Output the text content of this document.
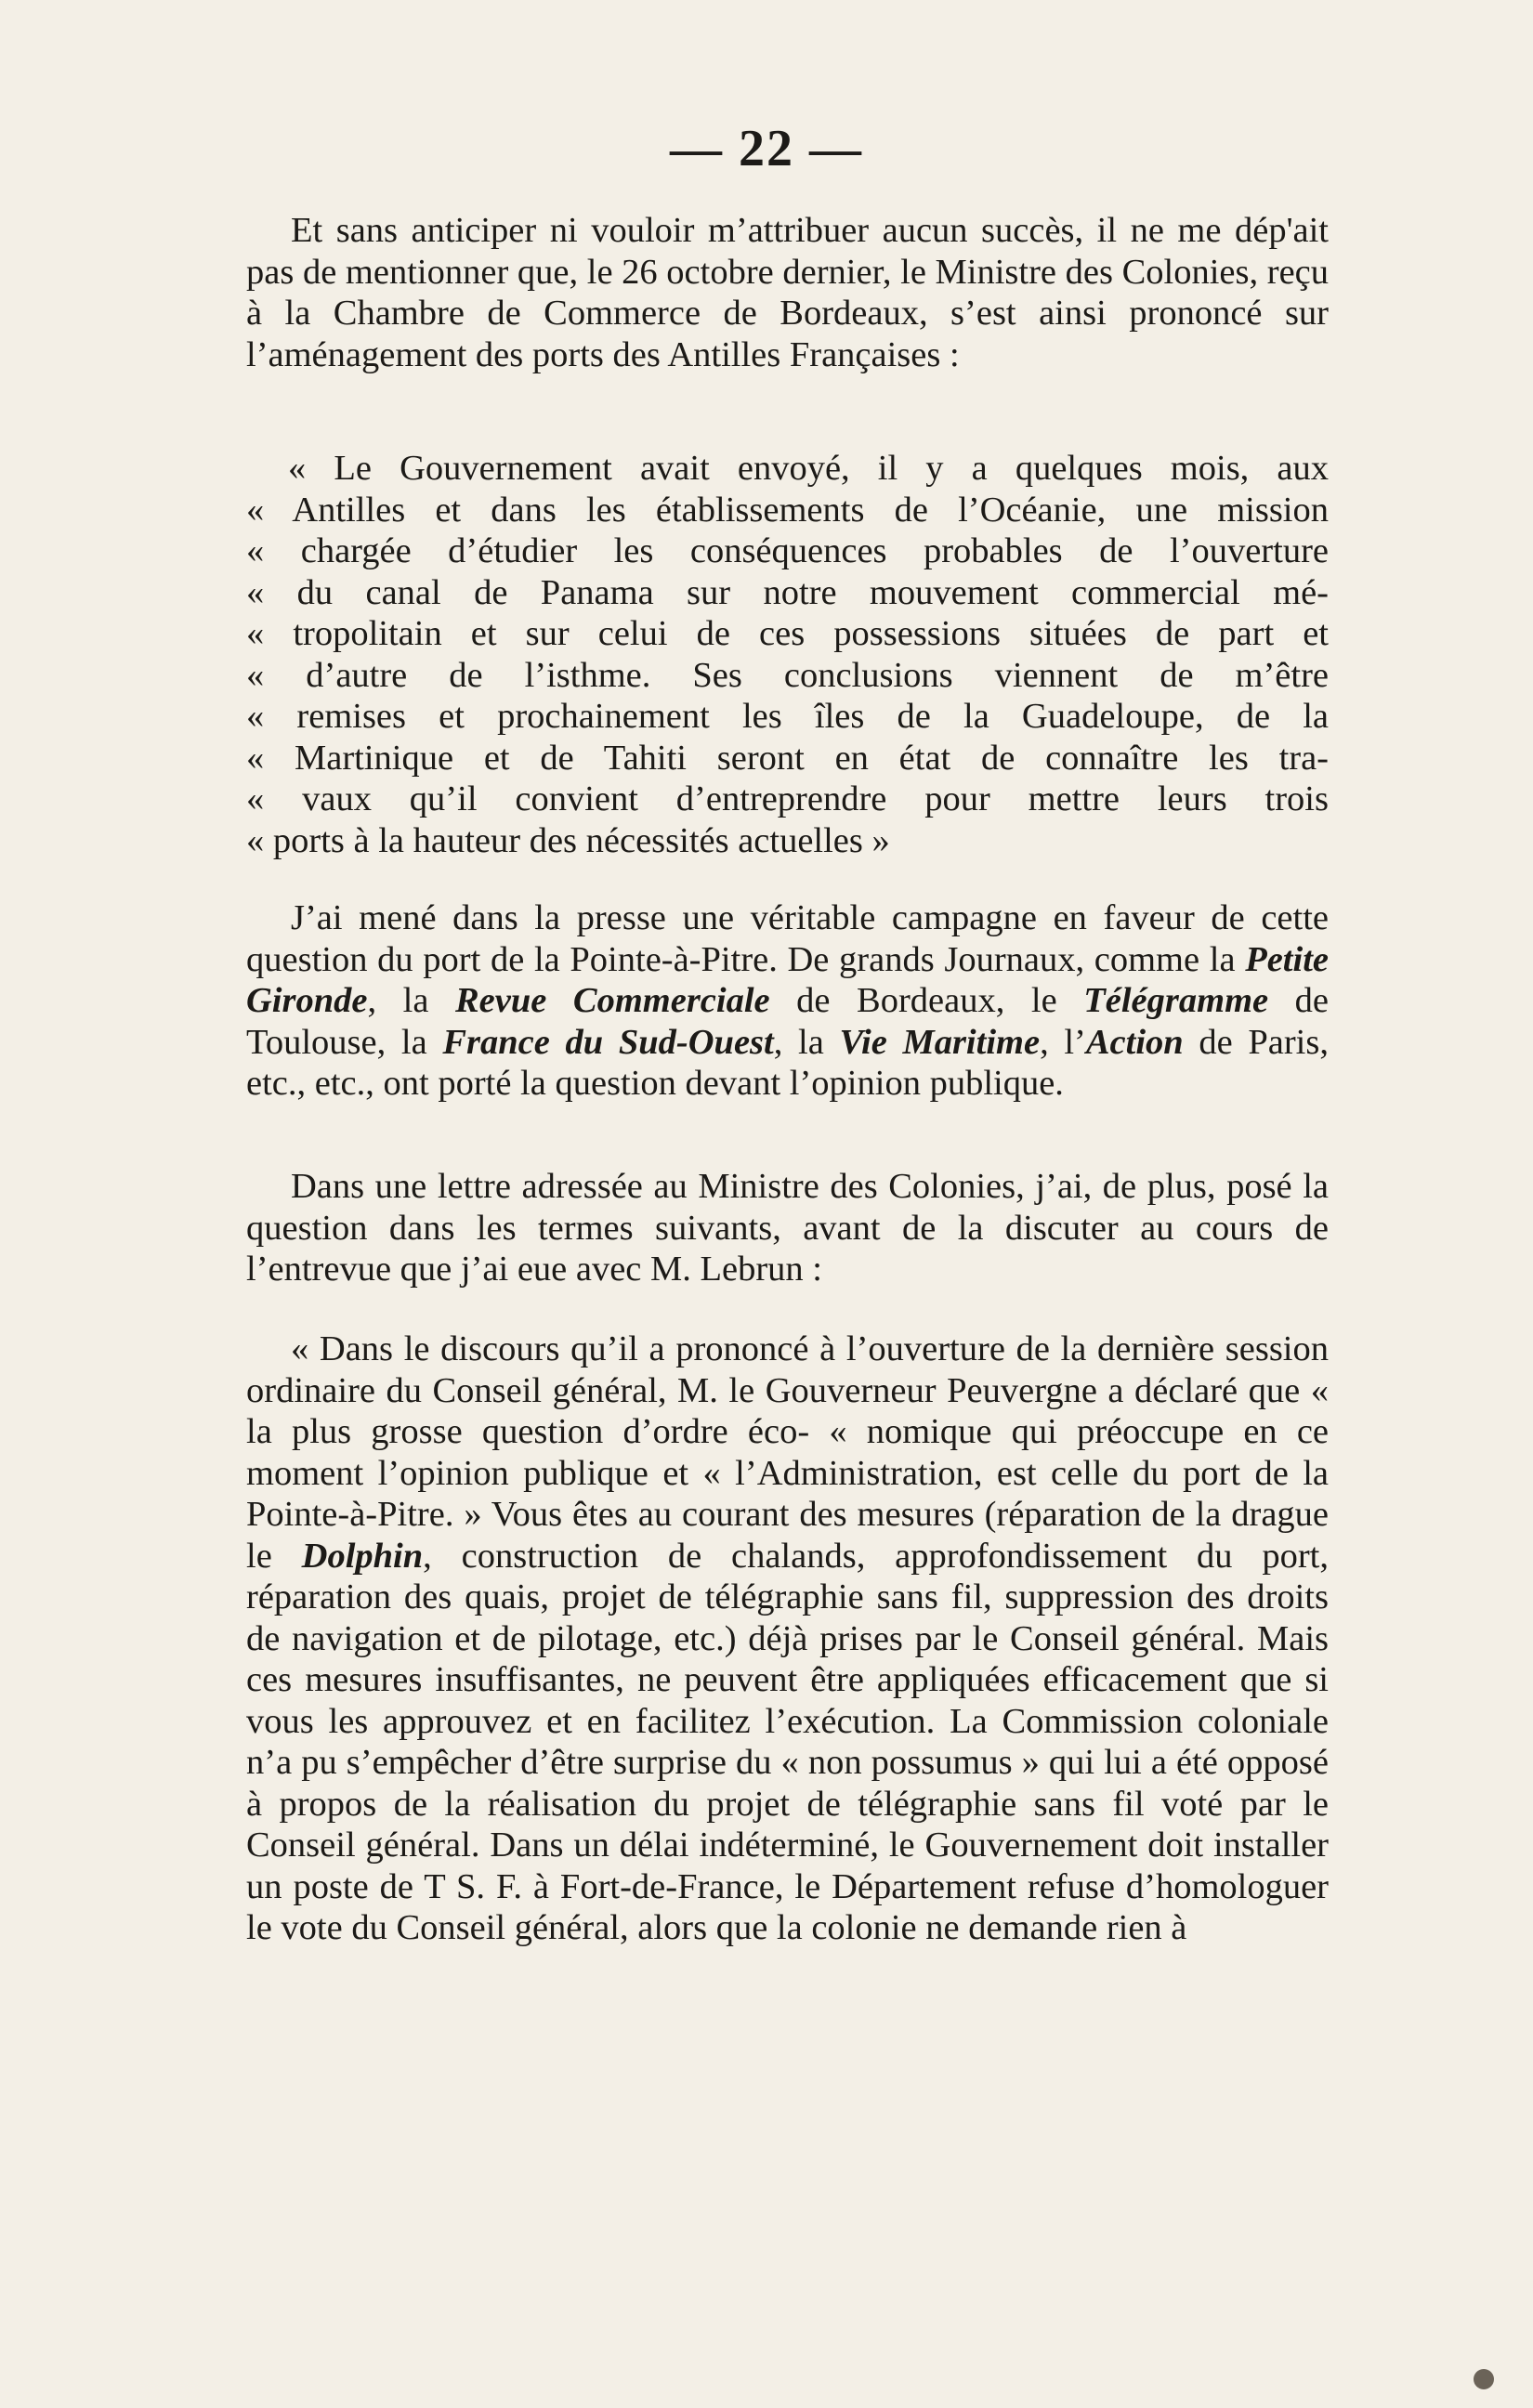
— 22 —

Et sans anticiper ni vouloir m’attribuer aucun succès, il ne me dép'ait pas de mentionner que, le 26 octobre dernier, le Ministre des Colonies, reçu à la Chambre de Commerce de Bordeaux, s’est ainsi prononcé sur l’aménagement des ports des Antilles Françaises :

« Le Gouvernement avait envoyé, il y a quelques mois, aux
« Antilles et dans les établissements de l’Océanie, une mission
« chargée d’étudier les conséquences probables de l’ouverture
« du canal de Panama sur notre mouvement commercial mé-
« tropolitain et sur celui de ces possessions situées de part et
« d’autre de l’isthme. Ses conclusions viennent de m’être
« remises et prochainement les îles de la Guadeloupe, de la
« Martinique et de Tahiti seront en état de connaître les tra-
« vaux qu’il convient d’entreprendre pour mettre leurs trois
« ports à la hauteur des nécessités actuelles »

J’ai mené dans la presse une véritable campagne en faveur de cette question du port de la Pointe-à-Pitre. De grands Journaux, comme la Petite Gironde, la Revue Commerciale de Bordeaux, le Télégramme de Toulouse, la France du Sud-Ouest, la Vie Maritime, l’Action de Paris, etc., etc., ont porté la question devant l’opinion publique.

Dans une lettre adressée au Ministre des Colonies, j’ai, de plus, posé la question dans les termes suivants, avant de la discuter au cours de l’entrevue que j’ai eue avec M. Lebrun :

« Dans le discours qu’il a prononcé à l’ouverture de la dernière session ordinaire du Conseil général, M. le Gouverneur Peuvergne a déclaré que « la plus grosse question d’ordre éco- « nomique qui préoccupe en ce moment l’opinion publique et « l’Administration, est celle du port de la Pointe-à-Pitre. » Vous êtes au courant des mesures (réparation de la drague le Dolphin, construction de chalands, approfondissement du port, réparation des quais, projet de télégraphie sans fil, suppression des droits de navigation et de pilotage, etc.) déjà prises par le Conseil général. Mais ces mesures insuffisantes, ne peuvent être appliquées efficacement que si vous les approuvez et en facilitez l’exécution. La Commission coloniale n’a pu s’empêcher d’être surprise du « non possumus » qui lui a été opposé à propos de la réalisation du projet de télégraphie sans fil voté par le Conseil général. Dans un délai indéterminé, le Gouvernement doit installer un poste de T S. F. à Fort-de-France, le Département refuse d’homologuer le vote du Conseil général, alors que la colonie ne demande rien à
